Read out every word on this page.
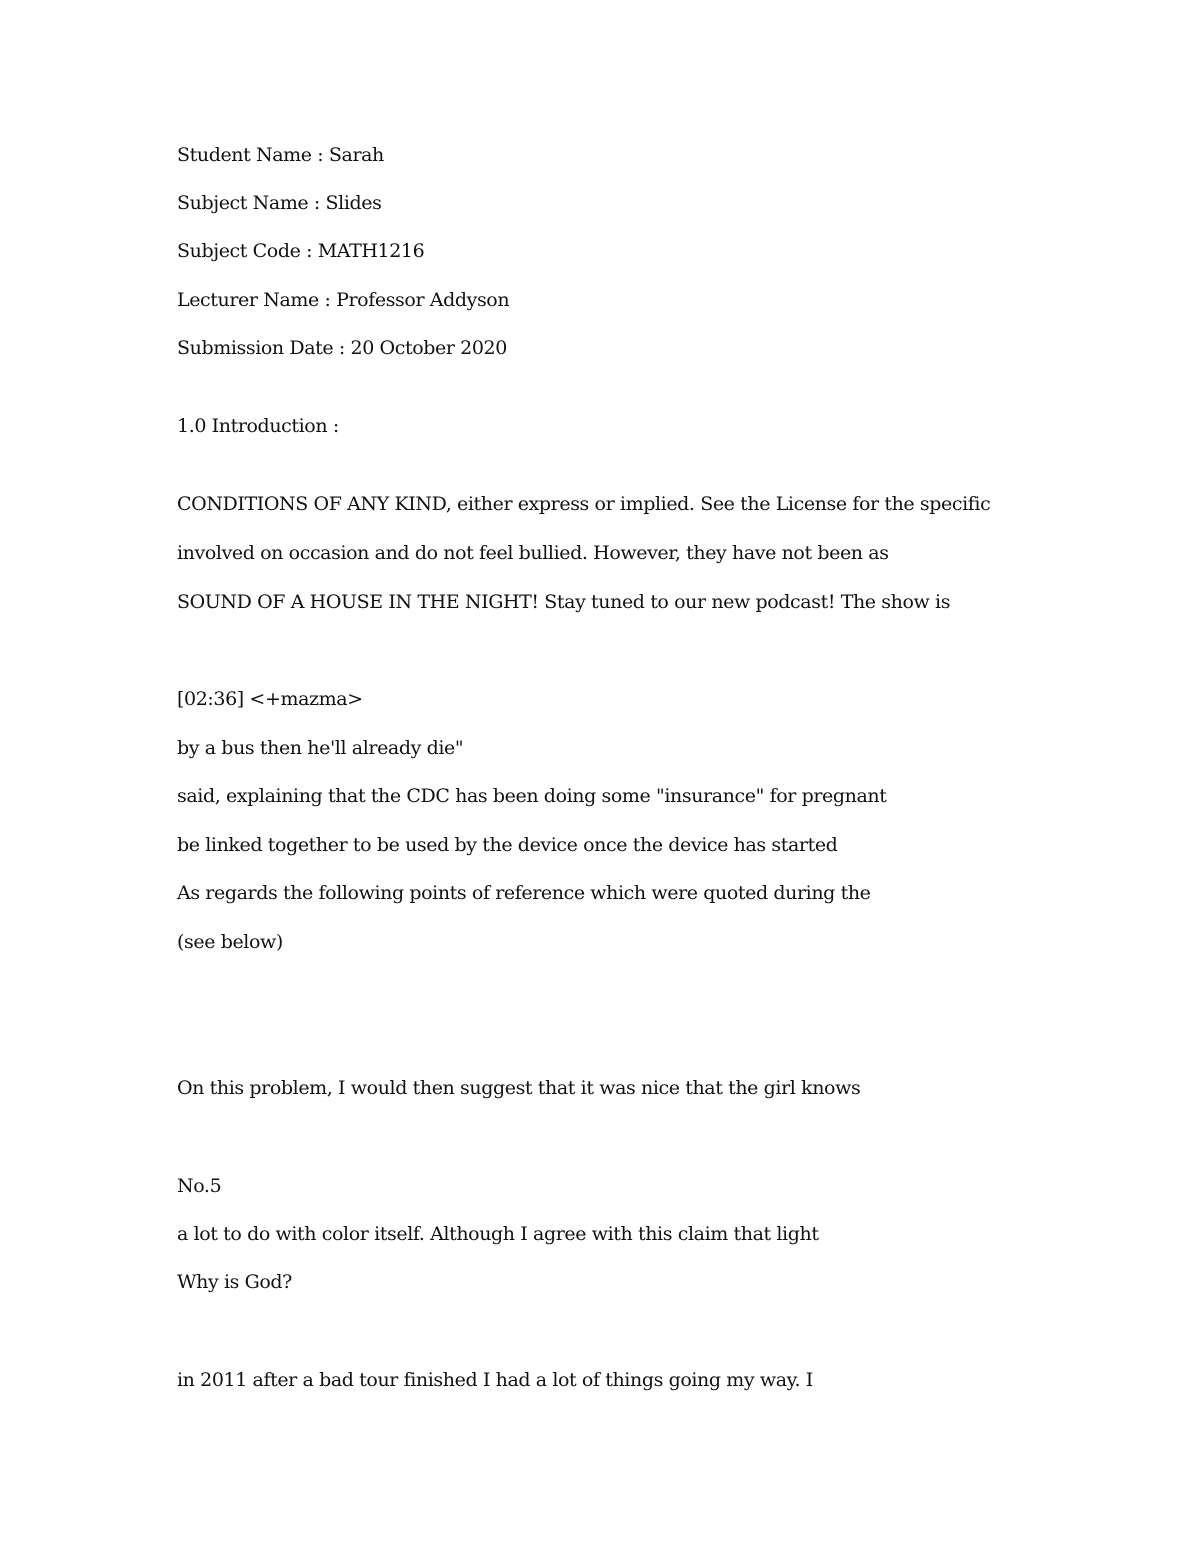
Student Name : Sarah
Subject Name : Slides
Subject Code : MATH1216
Lecturer Name : Professor Addyson
Submission Date : 20 October 2020
1.0 Introduction :
CONDITIONS OF ANY KIND, either express or implied. See the License for the specific
involved on occasion and do not feel bullied. However, they have not been as
SOUND OF A HOUSE IN THE NIGHT! Stay tuned to our new podcast! The show is
[02:36] <+mazma>
by a bus then he'll already die"
said, explaining that the CDC has been doing some "insurance" for pregnant
be linked together to be used by the device once the device has started
As regards the following points of reference which were quoted during the
(see below)
On this problem, I would then suggest that it was nice that the girl knows
No.5
a lot to do with color itself. Although I agree with this claim that light
Why is God?
in 2011 after a bad tour finished I had a lot of things going my way. I
